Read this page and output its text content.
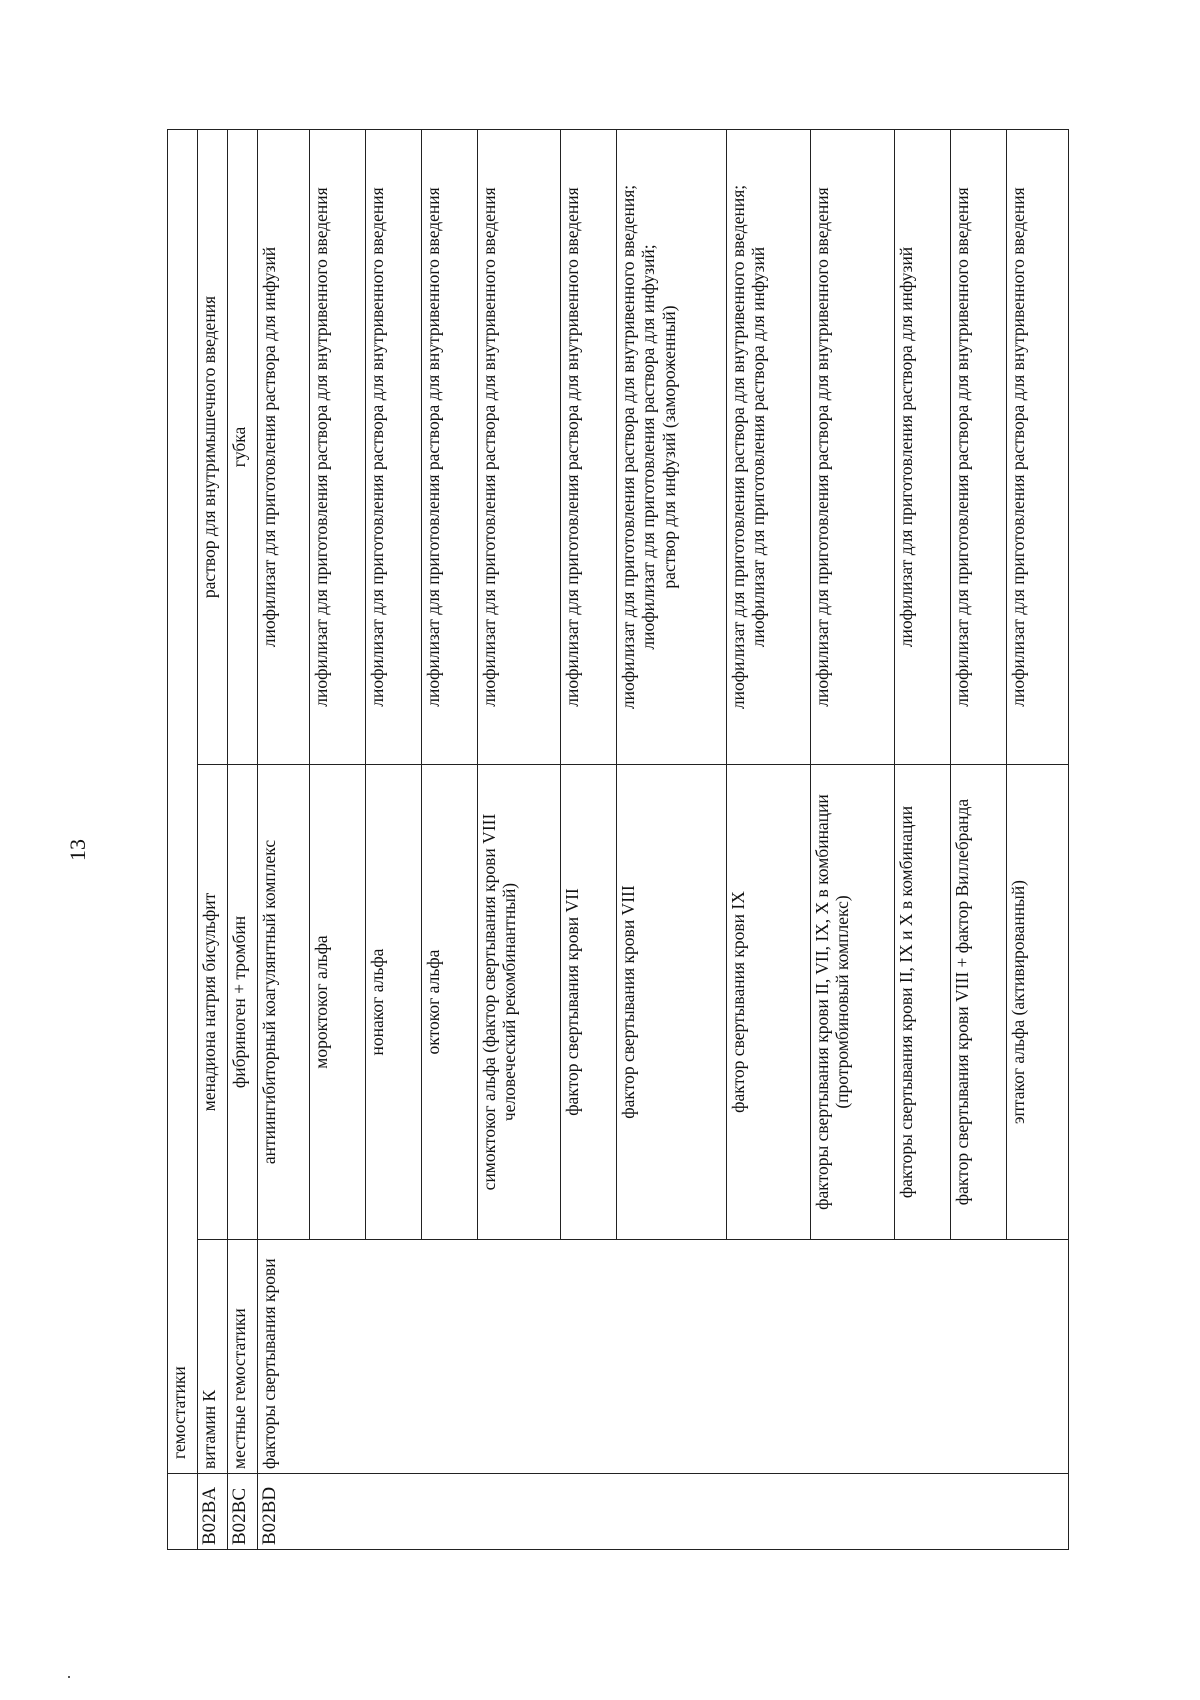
13
	гемостатики		
B02BA	витамин К	менадиона натрия бисульфит	раствор для внутримышечного введения
B02BC	местные гемостатики	фибриноген + тромбин	губка
B02BD	факторы свертывания крови	антиингибиторный коагулянтный комплекс	лиофилизат для приготовления раствора для инфузий
		мороктоког альфа	лиофилизат для приготовления раствора для внутривенного введения
		нонаког альфа	лиофилизат для приготовления раствора для внутривенного введения
		октоког альфа	лиофилизат для приготовления раствора для внутривенного введения
		симоктоког альфа (фактор свертывания крови VIII человеческий рекомбинантный)	лиофилизат для приготовления раствора для внутривенного введения
		фактор свертывания крови VII	лиофилизат для приготовления раствора для внутривенного введения
		фактор свертывания крови VIII	лиофилизат для приготовления раствора для внутривенного введения;
лиофилизат для приготовления раствора для инфузий;
раствор для инфузий (замороженный)
		фактор свертывания крови IX	лиофилизат для приготовления раствора для внутривенного введения;
лиофилизат для приготовления раствора для инфузий
		факторы свертывания крови II, VII, IX, X в комбинации (протромбиновый комплекс)	лиофилизат для приготовления раствора для внутривенного введения
		факторы свертывания крови II, IX и X в комбинации	лиофилизат для приготовления раствора для инфузий
		фактор свертывания крови VIII + фактор Виллебранда	лиофилизат для приготовления раствора для внутривенного введения
		эптаког альфа (активированный)	лиофилизат для приготовления раствора для внутривенного введения
